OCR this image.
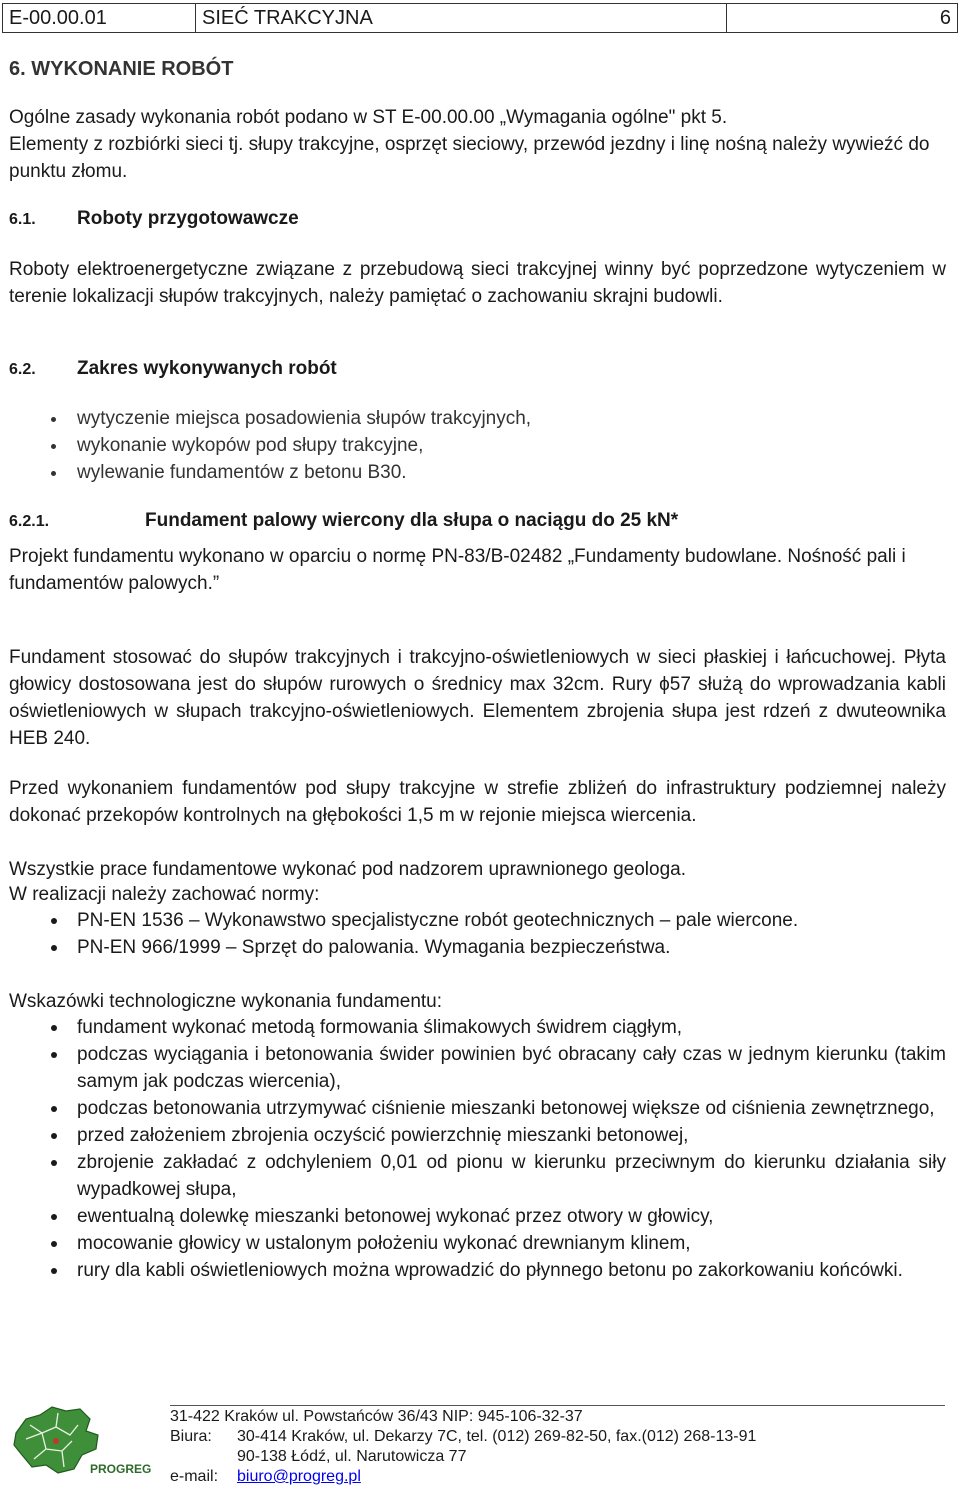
E-00.00.01	SIEĆ TRAKCYJNA	6
6. WYKONANIE ROBÓT

Ogólne zasady wykonania robót podano w ST E-00.00.00 „Wymagania ogólne" pkt 5.

Elementy z rozbiórki sieci tj. słupy trakcyjne, osprzęt sieciowy, przewód jezdny i linę nośną należy wywieźć do punktu złomu.

6.1. Roboty przygotowawcze

Roboty elektroenergetyczne związane z przebudową sieci trakcyjnej winny być poprzedzone wytyczeniem w terenie lokalizacji słupów trakcyjnych, należy pamiętać o zachowaniu skrajni budowli.

6.2. Zakres wykonywanych robót
wytyczenie miejsca posadowienia słupów trakcyjnych,
wykonanie wykopów pod słupy trakcyjne,
wylewanie fundamentów z betonu B30.
6.2.1.	Fundament palowy wiercony dla słupa o naciągu do 25 kN*

Projekt fundamentu wykonano w oparciu o normę PN-83/B-02482 „Fundamenty budowlane. Nośność pali i fundamentów palowych.”

Fundament stosować do słupów trakcyjnych i trakcyjno-oświetleniowych w sieci płaskiej i łańcuchowej. Płyta głowicy dostosowana jest do słupów rurowych o średnicy max 32cm. Rury ϕ57 służą do wprowadzania kabli oświetleniowych w słupach trakcyjno-oświetleniowych. Elementem zbrojenia słupa jest rdzeń z dwuteownika HEB 240.

Przed wykonaniem fundamentów pod słupy trakcyjne w strefie zbliżeń do infrastruktury podziemnej należy dokonać przekopów kontrolnych na głębokości 1,5 m w rejonie miejsca wiercenia.

Wszystkie prace fundamentowe wykonać pod nadzorem uprawnionego geologa.

W realizacji należy zachować normy:

PN-EN 1536 – Wykonawstwo specjalistyczne robót geotechnicznych – pale wiercone.
PN-EN 966/1999 – Sprzęt do palowania. Wymagania bezpieczeństwa.

Wskazówki technologiczne wykonania fundamentu:

fundament wykonać metodą formowania ślimakowych świdrem ciągłym,
podczas wyciągania i betonowania świder powinien być obracany cały czas w jednym kierunku (takim samym jak podczas wiercenia),
podczas betonowania utrzymywać ciśnienie mieszanki betonowej większe od ciśnienia zewnętrznego,
przed założeniem zbrojenia oczyścić powierzchnię mieszanki betonowej,
zbrojenie zakładać z odchyleniem 0,01 od pionu w kierunku przeciwnym do kierunku działania siły wypadkowej słupa,
ewentualną dolewkę mieszanki betonowej wykonać przez otwory w głowicy,
mocowanie głowicy w ustalonym położeniu wykonać drewnianym klinem,
rury dla kabli oświetleniowych można wprowadzić do płynnego betonu po zakorkowaniu końcówki.
PROGREG

31-422 Kraków ul. Powstańców 36/43 NIP: 945-106-32-37

Biura: 30-414 Kraków, ul. Dekarzy 7C, tel. (012) 269-82-50, fax.(012) 268-13-91

90-138 Łódź, ul. Narutowicza 77

e-mail: biuro@progreg.pl
